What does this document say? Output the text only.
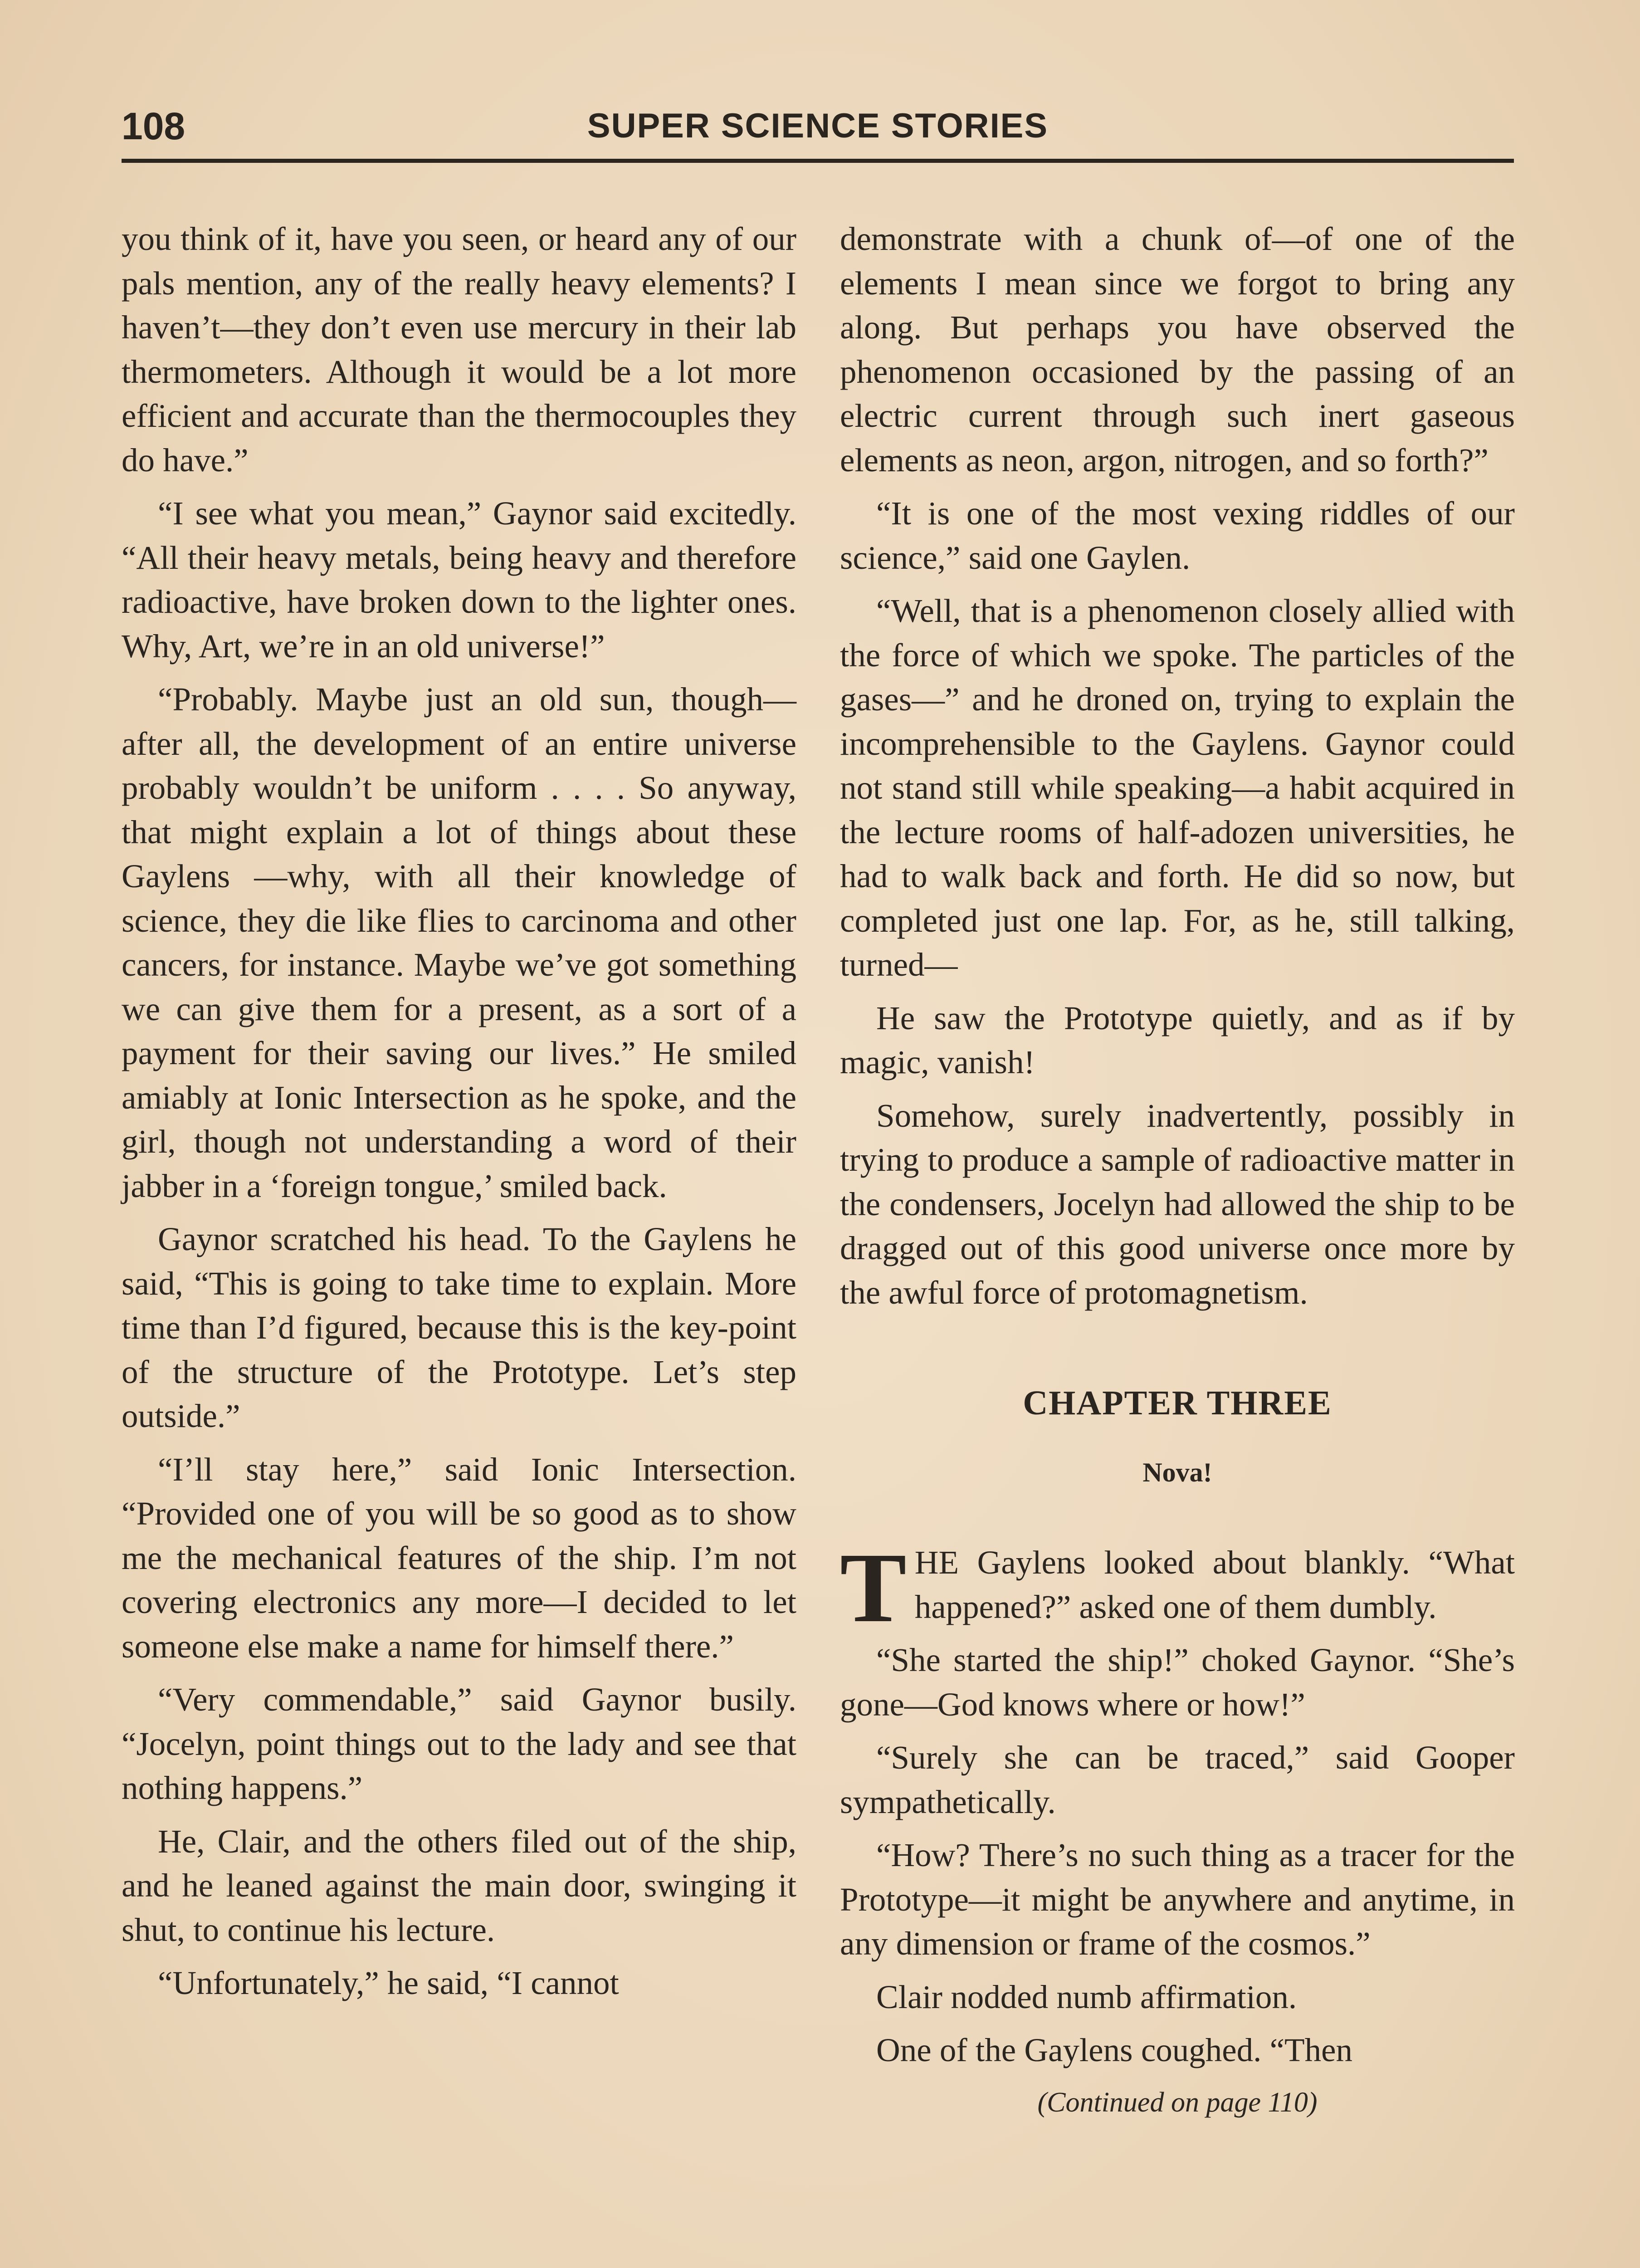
108	SUPER SCIENCE STORIES

you think of it, have you seen, or heard any of our pals mention, any of the really heavy elements? I haven’t—they don’t even use mercury in their lab thermometers. Although it would be a lot more efficient and accurate than the thermocouples they do have.”

“I see what you mean,” Gaynor said excitedly. “All their heavy metals, being heavy and therefore radioactive, have broken down to the lighter ones. Why, Art, we’re in an old universe!”

“Probably. Maybe just an old sun, though—after all, the development of an entire universe probably wouldn’t be uniform . . . . So anyway, that might explain a lot of things about these Gaylens —why, with all their knowledge of science, they die like flies to carcinoma and other cancers, for instance. Maybe we’ve got something we can give them for a present, as a sort of a payment for their saving our lives.” He smiled amiably at Ionic Intersection as he spoke, and the girl, though not understanding a word of their jabber in a ‘foreign tongue,’ smiled back.

Gaynor scratched his head. To the Gaylens he said, “This is going to take time to explain. More time than I’d figured, because this is the key-point of the structure of the Prototype. Let’s step outside.”

“I’ll stay here,” said Ionic Intersection. “Provided one of you will be so good as to show me the mechanical features of the ship. I’m not covering electronics any more—I decided to let someone else make a name for himself there.”

“Very commendable,” said Gaynor busily. “Jocelyn, point things out to the lady and see that nothing happens.”

He, Clair, and the others filed out of the ship, and he leaned against the main door, swinging it shut, to continue his lecture.

“Unfortunately,” he said, “I cannot

demonstrate with a chunk of—of one of the elements I mean since we forgot to bring any along. But perhaps you have observed the phenomenon occasioned by the passing of an electric current through such inert gaseous elements as neon, argon, nitrogen, and so forth?”

“It is one of the most vexing riddles of our science,” said one Gaylen.

“Well, that is a phenomenon closely allied with the force of which we spoke. The particles of the gases—” and he droned on, trying to explain the incomprehensible to the Gaylens. Gaynor could not stand still while speaking—a habit acquired in the lecture rooms of half-adozen universities, he had to walk back and forth. He did so now, but completed just one lap. For, as he, still talking, turned—

He saw the Prototype quietly, and as if by magic, vanish!

Somehow, surely inadvertently, possibly in trying to produce a sample of radioactive matter in the condensers, Jocelyn had allowed the ship to be dragged out of this good universe once more by the awful force of protomagnetism.

CHAPTER THREE
Nova!

THE Gaylens looked about blankly. “What happened?” asked one of them dumbly.

“She started the ship!” choked Gaynor. “She’s gone—God knows where or how!”

“Surely she can be traced,” said Gooper sympathetically.

“How? There’s no such thing as a tracer for the Prototype—it might be anywhere and anytime, in any dimension or frame of the cosmos.”

Clair nodded numb affirmation.

One of the Gaylens coughed. “Then

(Continued on page 110)
